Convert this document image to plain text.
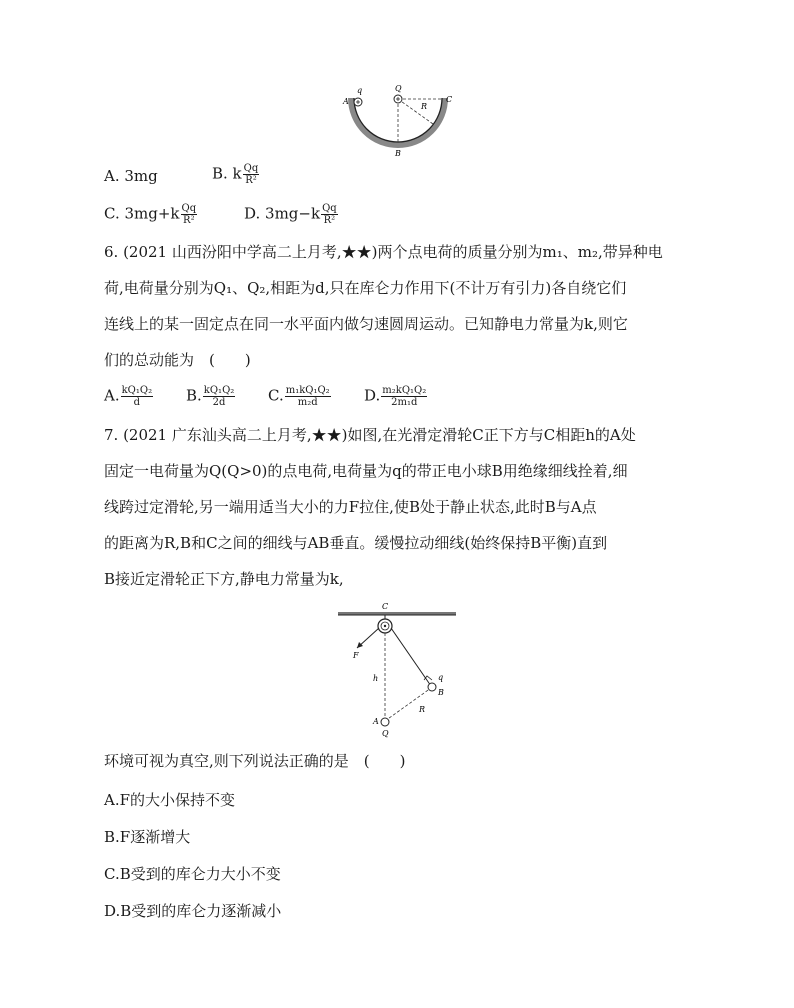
A
q	Q
R
C
B
A. 3mg	B. k $\frac{Qq}{\text{R²}}$
C. $3mg+k \frac{Qq}{\text{R²}}$	D. $3mg-k \frac{Qq}{\text{R²}}$
6. (2021 山西汾阳中学高二上月考,★★)两个点电荷的质量分别为m₁、m₂,带异种电
荷,电荷量分别为Q₁、Q₂,相距为d,只在库仑力作用下(不计万有引力)各自绕它们
连线上的某一固定点在同一水平面内做匀速圆周运动。已知静电力常量为k,则它
们的总动能为　(　　)
A. $\frac{\text{kQ₁Q₂}}{d} B$. $\frac{\text{kQ₁Q₂}}{2d} C$. $\frac{\text{m₁kQ₁Q₂}}{\text{m₂d}} D$. $\frac{\text{m₂kQ₁Q₂}}{\text{2m₁d}}$
7. (2021 广东汕头高二上月考,★★)如图,在光滑定滑轮C正下方与C相距h的A处
固定一电荷量为Q(Q>0)的点电荷,电荷量为q的带正电小球B用绝缘细线拴着,细
线跨过定滑轮,另一端用适当大小的力F拉住,使B处于静止状态,此时B与A点
的距离为R,B和C之间的细线与AB垂直。缓慢拉动细线(始终保持B平衡)直到
B接近定滑轮正下方,静电力常量为k,
C
F
h	q
B
R
A
Q
环境可视为真空,则下列说法正确的是　(　　)
A.F的大小保持不变
B.F逐渐增大
C.B受到的库仑力大小不变
D.B受到的库仑力逐渐减小
